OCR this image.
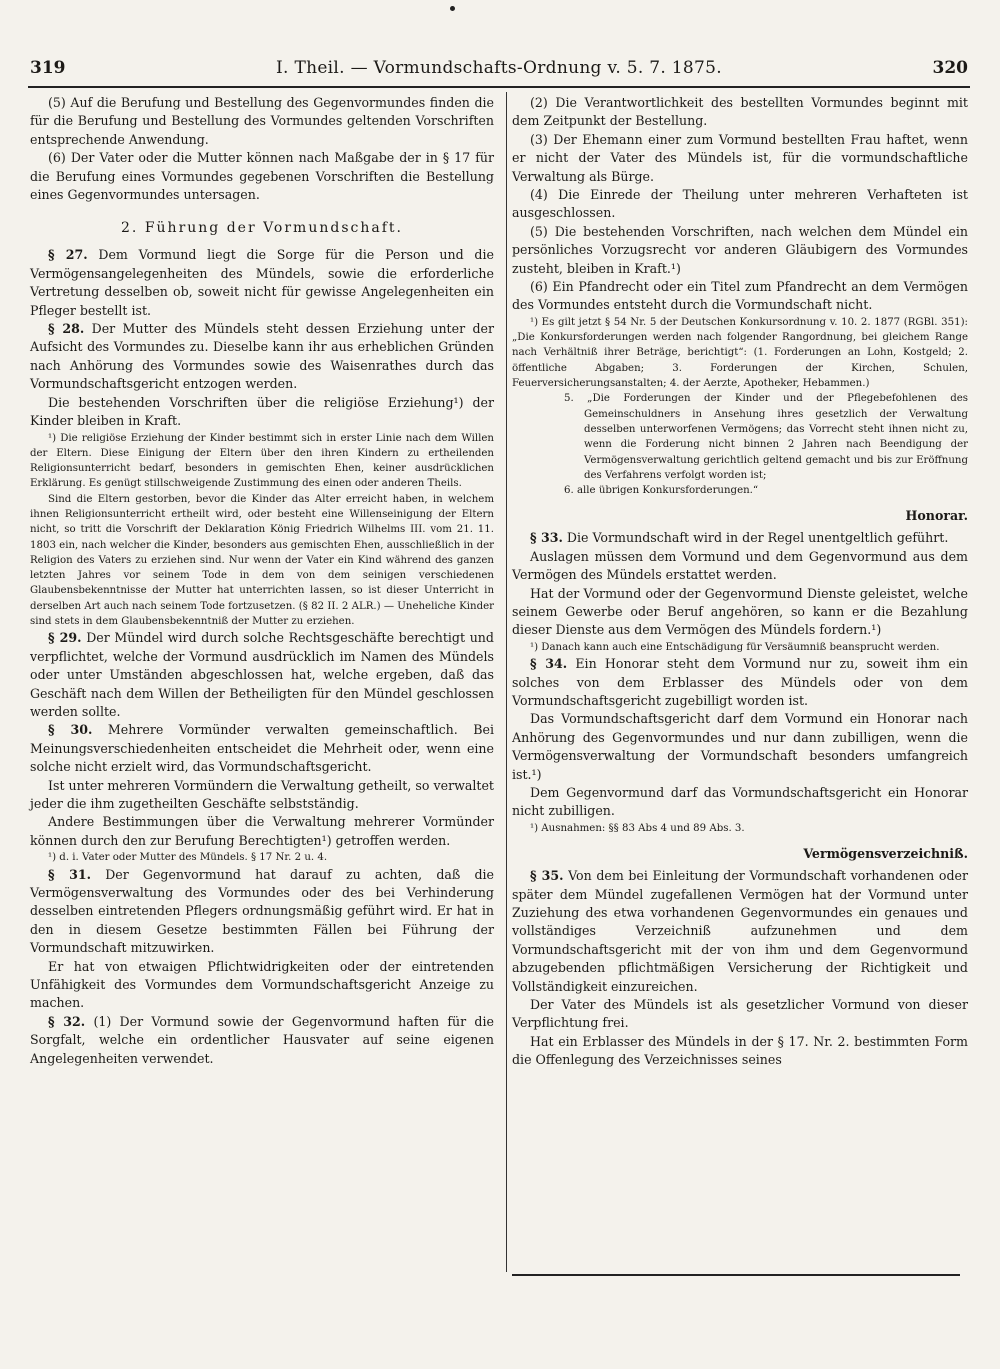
319	I. Theil. — Vormundschafts-Ordnung v. 5. 7. 1875.	320

(5) Auf die Berufung und Bestellung des Gegenvormundes finden die für die Berufung und Bestellung des Vormundes geltenden Vorschriften entsprechende Anwendung.

(6) Der Vater oder die Mutter können nach Maßgabe der in § 17 für die Berufung eines Vormundes gegebenen Vorschriften die Bestellung eines Gegenvormundes untersagen.

2. Führung der Vormundschaft.

§ 27. Dem Vormund liegt die Sorge für die Person und die Vermögensangelegenheiten des Mündels, sowie die erforderliche Vertretung desselben ob, soweit nicht für gewisse Angelegenheiten ein Pfleger bestellt ist.

§ 28. Der Mutter des Mündels steht dessen Erziehung unter der Aufsicht des Vormundes zu. Dieselbe kann ihr aus erheblichen Gründen nach Anhörung des Vormundes sowie des Waisenrathes durch das Vormundschaftsgericht entzogen werden.

Die bestehenden Vorschriften über die religiöse Erziehung¹) der Kinder bleiben in Kraft.

¹) Die religiöse Erziehung der Kinder bestimmt sich in erster Linie nach dem Willen der Eltern. Diese Einigung der Eltern über den ihren Kindern zu ertheilenden Religionsunterricht bedarf, besonders in gemischten Ehen, keiner ausdrücklichen Erklärung. Es genügt stillschweigende Zustimmung des einen oder anderen Theils.

Sind die Eltern gestorben, bevor die Kinder das Alter erreicht haben, in welchem ihnen Religionsunterricht ertheilt wird, oder besteht eine Willenseinigung der Eltern nicht, so tritt die Vorschrift der Deklaration König Friedrich Wilhelms III. vom 21. 11. 1803 ein, nach welcher die Kinder, besonders aus gemischten Ehen, ausschließlich in der Religion des Vaters zu erziehen sind. Nur wenn der Vater ein Kind während des ganzen letzten Jahres vor seinem Tode in dem von dem seinigen verschiedenen Glaubensbekenntnisse der Mutter hat unterrichten lassen, so ist dieser Unterricht in derselben Art auch nach seinem Tode fortzusetzen. (§ 82 II. 2 ALR.) — Uneheliche Kinder sind stets in dem Glaubensbekenntniß der Mutter zu erziehen.

§ 29. Der Mündel wird durch solche Rechtsgeschäfte berechtigt und verpflichtet, welche der Vormund ausdrücklich im Namen des Mündels oder unter Umständen abgeschlossen hat, welche ergeben, daß das Geschäft nach dem Willen der Betheiligten für den Mündel geschlossen werden sollte.

§ 30. Mehrere Vormünder verwalten gemeinschaftlich. Bei Meinungsverschiedenheiten entscheidet die Mehrheit oder, wenn eine solche nicht erzielt wird, das Vormundschaftsgericht.

Ist unter mehreren Vormündern die Verwaltung getheilt, so verwaltet jeder die ihm zugetheilten Geschäfte selbstständig.

Andere Bestimmungen über die Verwaltung mehrerer Vormünder können durch den zur Berufung Berechtigten¹) getroffen werden.

¹) d. i. Vater oder Mutter des Mündels. § 17 Nr. 2 u. 4.

§ 31. Der Gegenvormund hat darauf zu achten, daß die Vermögensverwaltung des Vormundes oder des bei Verhinderung desselben eintretenden Pflegers ordnungsmäßig geführt wird. Er hat in den in diesem Gesetze bestimmten Fällen bei Führung der Vormundschaft mitzuwirken.

Er hat von etwaigen Pflichtwidrigkeiten oder der eintretenden Unfähigkeit des Vormundes dem Vormundschaftsgericht Anzeige zu machen.

§ 32. (1) Der Vormund sowie der Gegenvormund haften für die Sorgfalt, welche ein ordentlicher Hausvater auf seine eigenen Angelegenheiten verwendet.

(2) Die Verantwortlichkeit des bestellten Vormundes beginnt mit dem Zeitpunkt der Bestellung.

(3) Der Ehemann einer zum Vormund bestellten Frau haftet, wenn er nicht der Vater des Mündels ist, für die vormundschaftliche Verwaltung als Bürge.

(4) Die Einrede der Theilung unter mehreren Verhafteten ist ausgeschlossen.

(5) Die bestehenden Vorschriften, nach welchen dem Mündel ein persönliches Vorzugsrecht vor anderen Gläubigern des Vormundes zusteht, bleiben in Kraft.¹)

(6) Ein Pfandrecht oder ein Titel zum Pfandrecht an dem Vermögen des Vormundes entsteht durch die Vormundschaft nicht.

¹) Es gilt jetzt § 54 Nr. 5 der Deutschen Konkursordnung v. 10. 2. 1877 (RGBl. 351): „Die Konkursforderungen werden nach folgender Rangordnung, bei gleichem Range nach Verhältniß ihrer Beträge, berichtigt“: (1. Forderungen an Lohn, Kostgeld; 2. öffentliche Abgaben; 3. Forderungen der Kirchen, Schulen, Feuerversicherungsanstalten; 4. der Aerzte, Apotheker, Hebammen.)

5. „Die Forderungen der Kinder und der Pflegebefohlenen des Gemeinschuldners in Ansehung ihres gesetzlich der Verwaltung desselben unterworfenen Vermögens; das Vorrecht steht ihnen nicht zu, wenn die Forderung nicht binnen 2 Jahren nach Beendigung der Vermögensverwaltung gerichtlich geltend gemacht und bis zur Eröffnung des Verfahrens verfolgt worden ist;

6. alle übrigen Konkursforderungen.“

Honorar.

§ 33. Die Vormundschaft wird in der Regel unentgeltlich geführt.

Auslagen müssen dem Vormund und dem Gegenvormund aus dem Vermögen des Mündels erstattet werden.

Hat der Vormund oder der Gegenvormund Dienste geleistet, welche seinem Gewerbe oder Beruf angehören, so kann er die Bezahlung dieser Dienste aus dem Vermögen des Mündels fordern.¹)

¹) Danach kann auch eine Entschädigung für Versäumniß beansprucht werden.

§ 34. Ein Honorar steht dem Vormund nur zu, soweit ihm ein solches von dem Erblasser des Mündels oder von dem Vormundschaftsgericht zugebilligt worden ist.

Das Vormundschaftsgericht darf dem Vormund ein Honorar nach Anhörung des Gegenvormundes und nur dann zubilligen, wenn die Vermögensverwaltung der Vormundschaft besonders umfangreich ist.¹)

Dem Gegenvormund darf das Vormundschaftsgericht ein Honorar nicht zubilligen.

¹) Ausnahmen: §§ 83 Abs 4 und 89 Abs. 3.

Vermögensverzeichniß.

§ 35. Von dem bei Einleitung der Vormundschaft vorhandenen oder später dem Mündel zugefallenen Vermögen hat der Vormund unter Zuziehung des etwa vorhandenen Gegenvormundes ein genaues und vollständiges Verzeichniß aufzunehmen und dem Vormundschaftsgericht mit der von ihm und dem Gegenvormund abzugebenden pflichtmäßigen Versicherung der Richtigkeit und Vollständigkeit einzureichen.

Der Vater des Mündels ist als gesetzlicher Vormund von dieser Verpflichtung frei.

Hat ein Erblasser des Mündels in der § 17. Nr. 2. bestimmten Form die Offenlegung des Verzeichnisses seines
